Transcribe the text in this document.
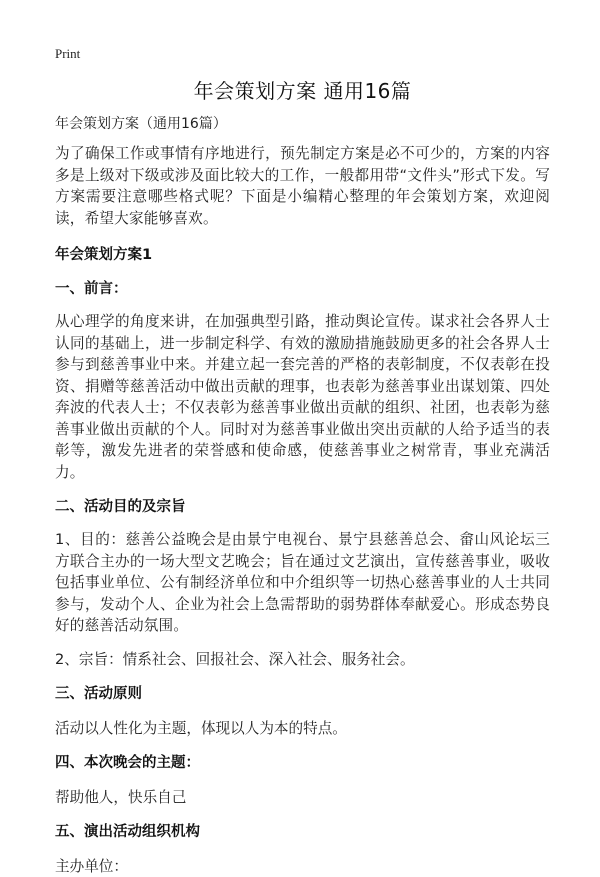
Print
年会策划方案 通用16篇
年会策划方案（通用16篇）
为了确保工作或事情有序地进行，预先制定方案是必不可少的，方案的内容多是上级对下级或涉及面比较大的工作，一般都用带“文件头”形式下发。写方案需要注意哪些格式呢？下面是小编精心整理的年会策划方案，欢迎阅读，希望大家能够喜欢。
年会策划方案1
一、前言：
从心理学的角度来讲，在加强典型引路，推动舆论宣传。谋求社会各界人士认同的基础上，进一步制定科学、有效的激励措施鼓励更多的社会各界人士参与到慈善事业中来。并建立起一套完善的严格的表彰制度，不仅表彰在投资、捐赠等慈善活动中做出贡献的理事，也表彰为慈善事业出谋划策、四处奔波的代表人士；不仅表彰为慈善事业做出贡献的组织、社团，也表彰为慈善事业做出贡献的个人。同时对为慈善事业做出突出贡献的人给予适当的表彰等，激发先进者的荣誉感和使命感，使慈善事业之树常青，事业充满活力。
二、活动目的及宗旨
1、目的：慈善公益晚会是由景宁电视台、景宁县慈善总会、畲山风论坛三方联合主办的一场大型文艺晚会；旨在通过文艺演出，宣传慈善事业，吸收包括事业单位、公有制经济单位和中介组织等一切热心慈善事业的人士共同参与，发动个人、企业为社会上急需帮助的弱势群体奉献爱心。形成态势良好的慈善活动氛围。
2、宗旨：情系社会、回报社会、深入社会、服务社会。
三、活动原则
活动以人性化为主题，体现以人为本的特点。
四、本次晚会的主题：
帮助他人，快乐自己
五、演出活动组织机构
主办单位：
